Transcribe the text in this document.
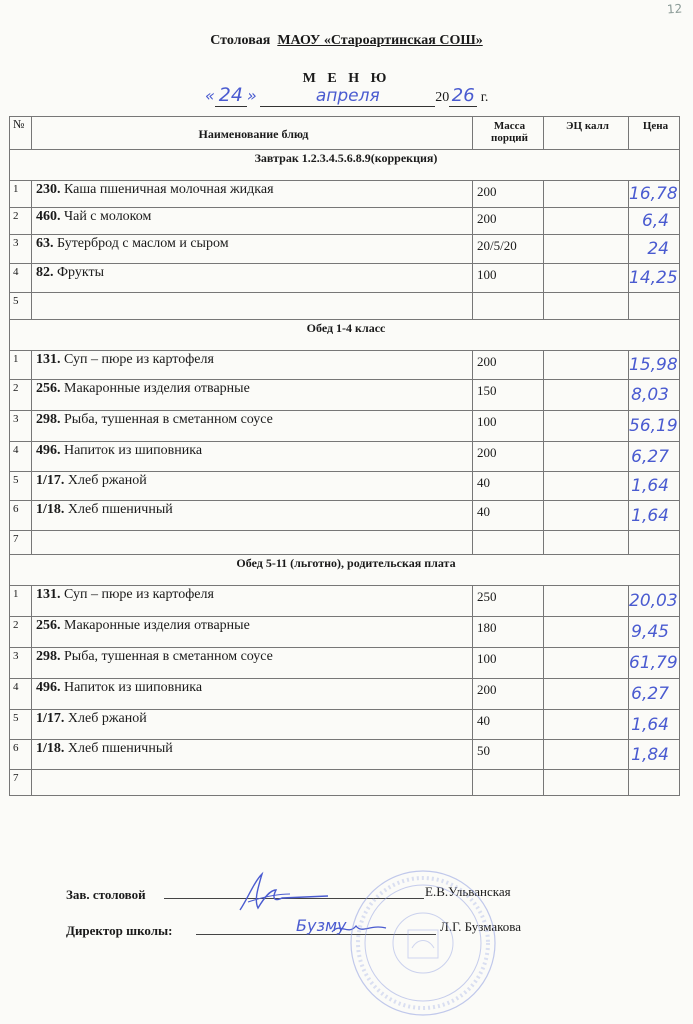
12
Столовая МАОУ «Староартинская СОШ»
М Е Н Ю
« 24 »	апреля	20 26 г.
№	Наименование блюд	Масса порций	ЭЦ калл	Цена
Завтрак 1.2.3.4.5.6.8.9(коррекция)				
1	230. Каша пшеничная молочная жидкая	200		16,78
2	460. Чай с молоком	200		6,4
3	63. Бутерброд с маслом и сыром	20/5/20		24
4	82. Фрукты	100		14,25
5				
Обед 1-4 класс				
1	131. Суп – пюре из картофеля	200		15,98
2	256. Макаронные изделия отварные	150		8,03
3	298. Рыба, тушенная в сметанном соусе	100		56,19
4	496. Напиток из шиповника	200		6,27
5	1/17. Хлеб ржаной	40		1,64
6	1/18. Хлеб пшеничный	40		1,64
7				
Обед 5-11 (льготно), родительская плата				
1	131. Суп – пюре из картофеля	250		20,03
2	256. Макаронные изделия отварные	180		9,45
3	298. Рыба, тушенная в сметанном соусе	100		61,79
4	496. Напиток из шиповника	200		6,27
5	1/17. Хлеб ржаной	40		1,64
6	1/18. Хлеб пшеничный	50		1,84
7				
Зав. столовой	Е.В.Ульванская
Директор школы:	Л.Г. Бузмакова
Бузму
